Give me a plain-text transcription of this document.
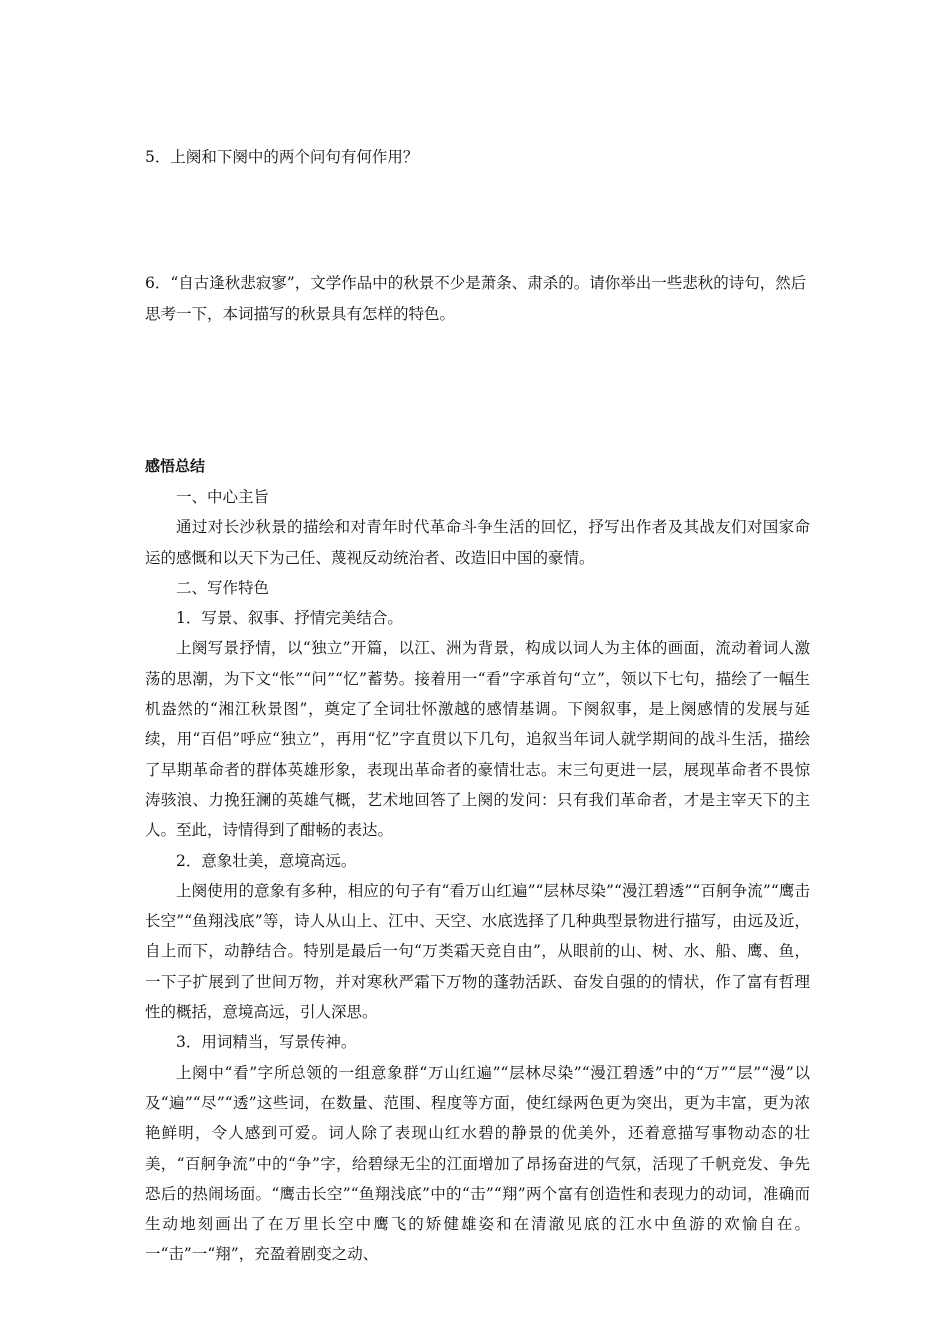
5．上阕和下阕中的两个问句有何作用？

6．“自古逢秋悲寂寥”，文学作品中的秋景不少是萧条、肃杀的。请你举出一些悲秋的诗句，然后思考一下，本词描写的秋景具有怎样的特色。

感悟总结

一、中心主旨

通过对长沙秋景的描绘和对青年时代革命斗争生活的回忆，抒写出作者及其战友们对国家命运的感慨和以天下为己任、蔑视反动统治者、改造旧中国的豪情。

二、写作特色

1．写景、叙事、抒情完美结合。

上阕写景抒情，以“独立”开篇，以江、洲为背景，构成以词人为主体的画面，流动着词人激荡的思潮，为下文“怅”“问”“忆”蓄势。接着用一“看”字承首句“立”，领以下七句，描绘了一幅生机盎然的“湘江秋景图”，奠定了全词壮怀激越的感情基调。下阕叙事，是上阕感情的发展与延续，用“百侣”呼应“独立”，再用“忆”字直贯以下几句，追叙当年词人就学期间的战斗生活，描绘了早期革命者的群体英雄形象，表现出革命者的豪情壮志。末三句更进一层，展现革命者不畏惊涛骇浪、力挽狂澜的英雄气概，艺术地回答了上阕的发问：只有我们革命者，才是主宰天下的主人。至此，诗情得到了酣畅的表达。

2．意象壮美，意境高远。

上阕使用的意象有多种，相应的句子有“看万山红遍”“层林尽染”“漫江碧透”“百舸争流”“鹰击长空”“鱼翔浅底”等，诗人从山上、江中、天空、水底选择了几种典型景物进行描写，由远及近，自上而下，动静结合。特别是最后一句“万类霜天竞自由”，从眼前的山、树、水、船、鹰、鱼，一下子扩展到了世间万物，并对寒秋严霜下万物的蓬勃活跃、奋发自强的的情状，作了富有哲理性的概括，意境高远，引人深思。

3．用词精当，写景传神。

上阕中“看”字所总领的一组意象群“万山红遍”“层林尽染”“漫江碧透”中的“万”“层”“漫”以及“遍”“尽”“透”这些词，在数量、范围、程度等方面，使红绿两色更为突出，更为丰富，更为浓艳鲜明，令人感到可爱。词人除了表现山红水碧的静景的优美外，还着意描写事物动态的壮美，“百舸争流”中的“争”字，给碧绿无尘的江面增加了昂扬奋进的气氛，活现了千帆竞发、争先恐后的热闹场面。“鹰击长空”“鱼翔浅底”中的“击”“翔”两个富有创造性和表现力的动词，准确而生动地刻画出了在万里长空中鹰飞的矫健雄姿和在清澈见底的江水中鱼游的欢愉自在。一“击”一“翔”，充盈着剧变之动、
